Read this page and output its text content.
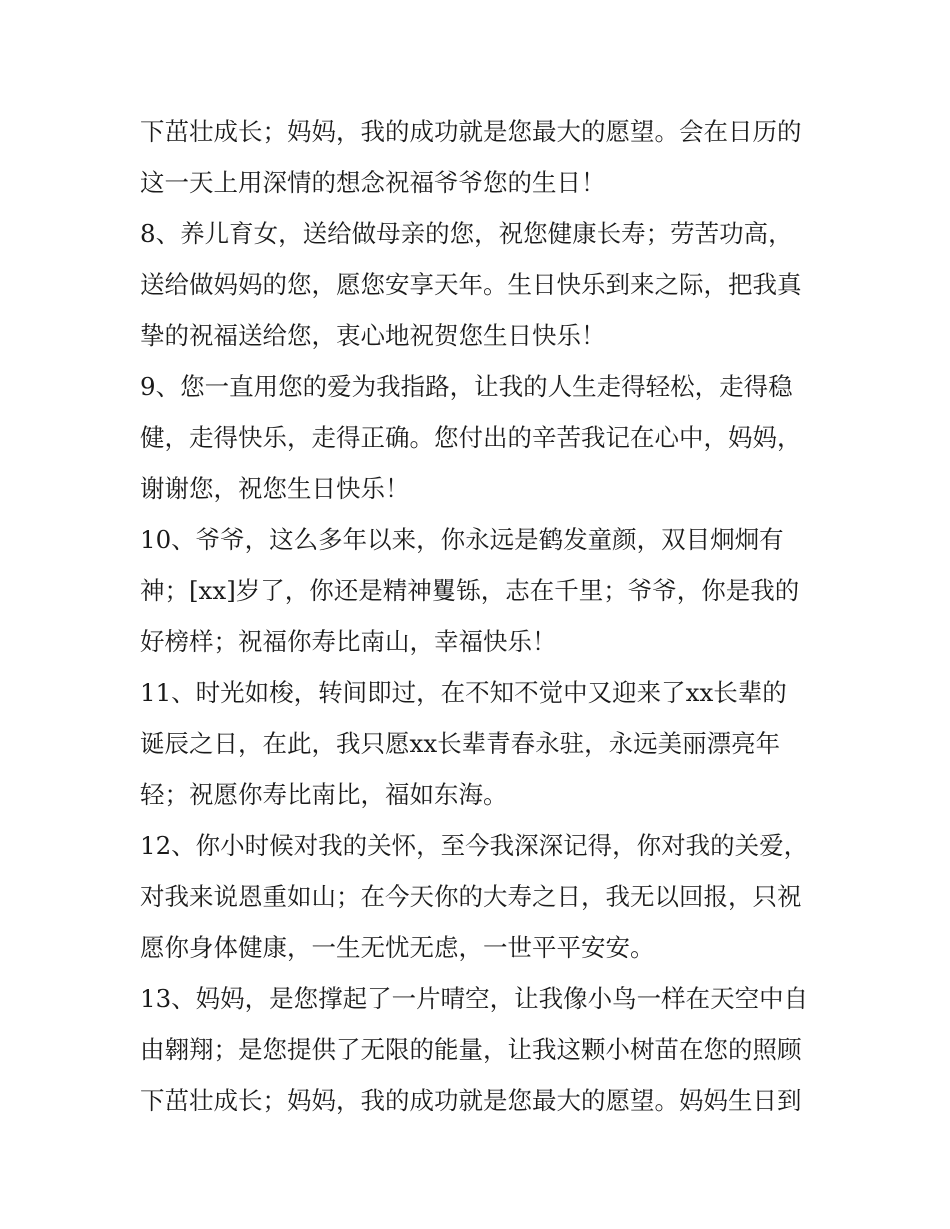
下茁壮成长；妈妈，我的成功就是您最大的愿望。会在日历的
这一天上用深情的想念祝福爷爷您的生日！
8、养儿育女，送给做母亲的您，祝您健康长寿；劳苦功高，
送给做妈妈的您，愿您安享天年。生日快乐到来之际，把我真
挚的祝福送给您，衷心地祝贺您生日快乐！
9、您一直用您的爱为我指路，让我的人生走得轻松，走得稳
健，走得快乐，走得正确。您付出的辛苦我记在心中，妈妈，
谢谢您，祝您生日快乐！
10、爷爷，这么多年以来，你永远是鹤发童颜，双目炯炯有
神；[xx]岁了，你还是精神矍铄，志在千里；爷爷，你是我的
好榜样；祝福你寿比南山，幸福快乐！
11、时光如梭，转间即过，在不知不觉中又迎来了xx长辈的
诞辰之日，在此，我只愿xx长辈青春永驻，永远美丽漂亮年
轻；祝愿你寿比南比，福如东海。
12、你小时候对我的关怀，至今我深深记得，你对我的关爱，
对我来说恩重如山；在今天你的大寿之日，我无以回报，只祝
愿你身体健康，一生无忧无虑，一世平平安安。
13、妈妈，是您撑起了一片晴空，让我像小鸟一样在天空中自
由翱翔；是您提供了无限的能量，让我这颗小树苗在您的照顾
下茁壮成长；妈妈，我的成功就是您最大的愿望。妈妈生日到
